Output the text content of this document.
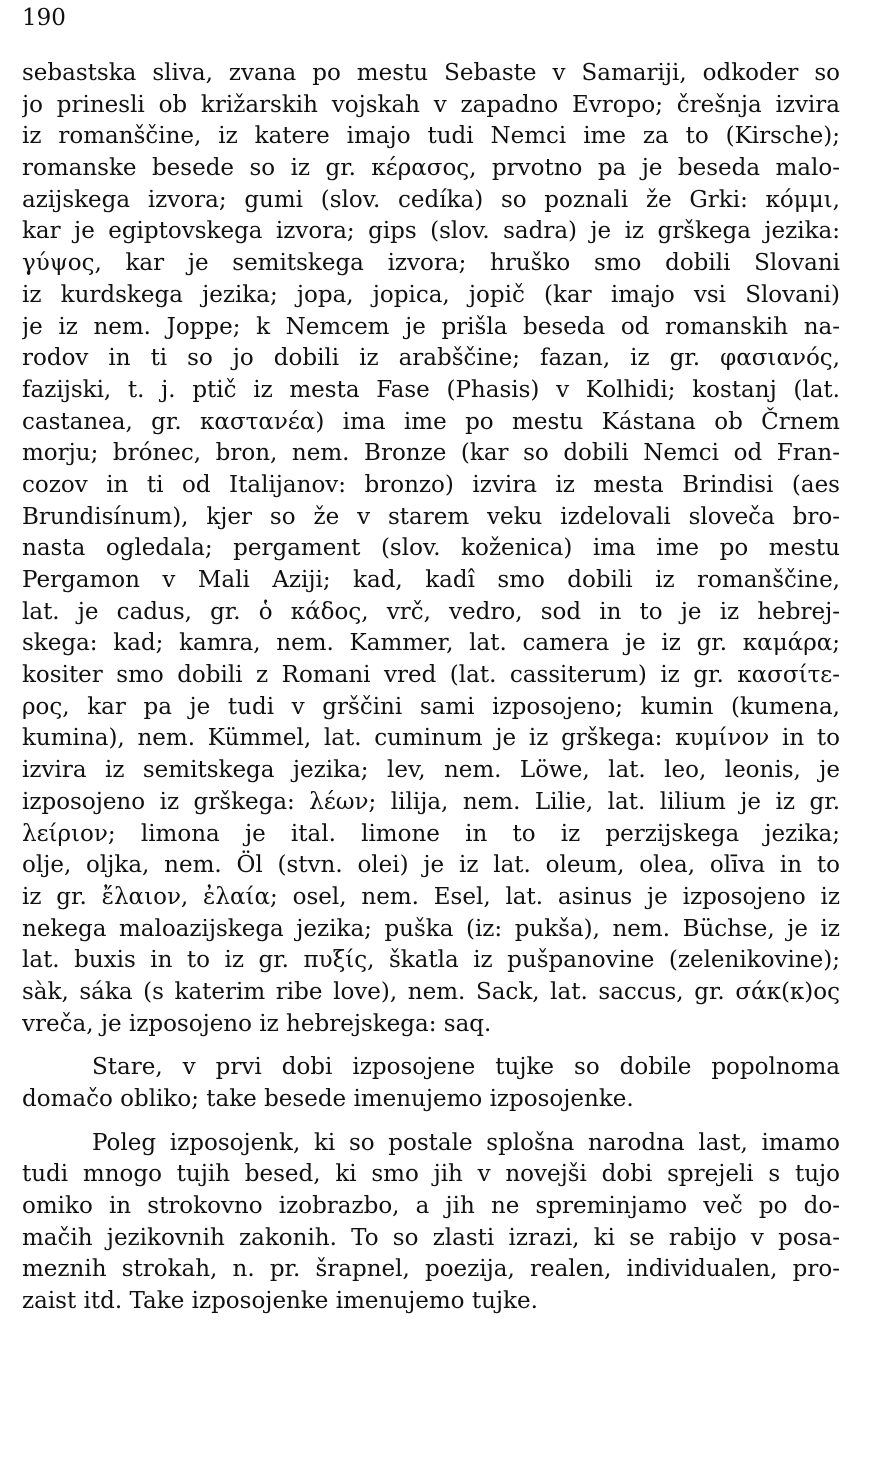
190
sebastska sliva, zvana po mestu Sebaste v Samariji, odkoder so
jo prinesli ob križarskih vojskah v zapadno Evropo; črešnja izvira
iz romanščine, iz katere imajo tudi Nemci ime za to (Kirsche);
romanske besede so iz gr. κέρασος, prvotno pa je beseda malo-
azijskega izvora; gumi (slov. cedíka) so poznali že Grki: κόμμι,
kar je egiptovskega izvora; gips (slov. sadra) je iz grškega jezika:
γύψος, kar je semitskega izvora; hruško smo dobili Slovani
iz kurdskega jezika; jopa, jopica, jopič (kar imajo vsi Slovani)
je iz nem. Joppe; k Nemcem je prišla beseda od romanskih na-
rodov in ti so jo dobili iz arabščine; fazan, iz gr. φασιανός,
fazijski, t. j. ptič iz mesta Fase (Phasis) v Kolhidi; kostanj (lat.
castanea, gr. καστανέα) ima ime po mestu Kástana ob Črnem
morju; brónec, bron, nem. Bronze (kar so dobili Nemci od Fran-
cozov in ti od Italijanov: bronzo) izvira iz mesta Brindisi (aes
Brundisínum), kjer so že v starem veku izdelovali sloveča bro-
nasta ogledala; pergament (slov. koženica) ima ime po mestu
Pergamon v Mali Aziji; kad, kadî smo dobili iz romanščine,
lat. je cadus, gr. ὁ κάδος, vrč, vedro, sod in to je iz hebrej-
skega: kad; kamra, nem. Kammer, lat. camera je iz gr. καμάρα;
kositer smo dobili z Romani vred (lat. cassiterum) iz gr. κασσίτε-
ρος, kar pa je tudi v grščini sami izposojeno; kumin (kumena,
kumina), nem. Kümmel, lat. cuminum je iz grškega: κυμίνον in to
izvira iz semitskega jezika; lev, nem. Löwe, lat. leo, leonis, je
izposojeno iz grškega: λέων; lilija, nem. Lilie, lat. lilium je iz gr.
λείριον; limona je ital. limone in to iz perzijskega jezika;
olje, oljka, nem. Öl (stvn. olei) je iz lat. oleum, olea, olīva in to
iz gr. ἔλαιον, ἐλαία; osel, nem. Esel, lat. asinus je izposojeno iz
nekega maloazijskega jezika; puška (iz: pukša), nem. Büchse, je iz
lat. buxis in to iz gr. πυξίς, škatla iz pušpanovine (zelenikovine);
sàk, sáka (s katerim ribe love), nem. Sack, lat. saccus, gr. σάκ(κ)ος
vreča, je izposojeno iz hebrejskega: saq.
Stare, v prvi dobi izposojene tujke so dobile popolnoma
domačo obliko; take besede imenujemo izposojenke.
Poleg izposojenk, ki so postale splošna narodna last, imamo
tudi mnogo tujih besed, ki smo jih v novejši dobi sprejeli s tujo
omiko in strokovno izobrazbo, a jih ne spreminjamo več po do-
mačih jezikovnih zakonih. To so zlasti izrazi, ki se rabijo v posa-
meznih strokah, n. pr. šrapnel, poezija, realen, individualen, pro-
zaist itd. Take izposojenke imenujemo tujke.
